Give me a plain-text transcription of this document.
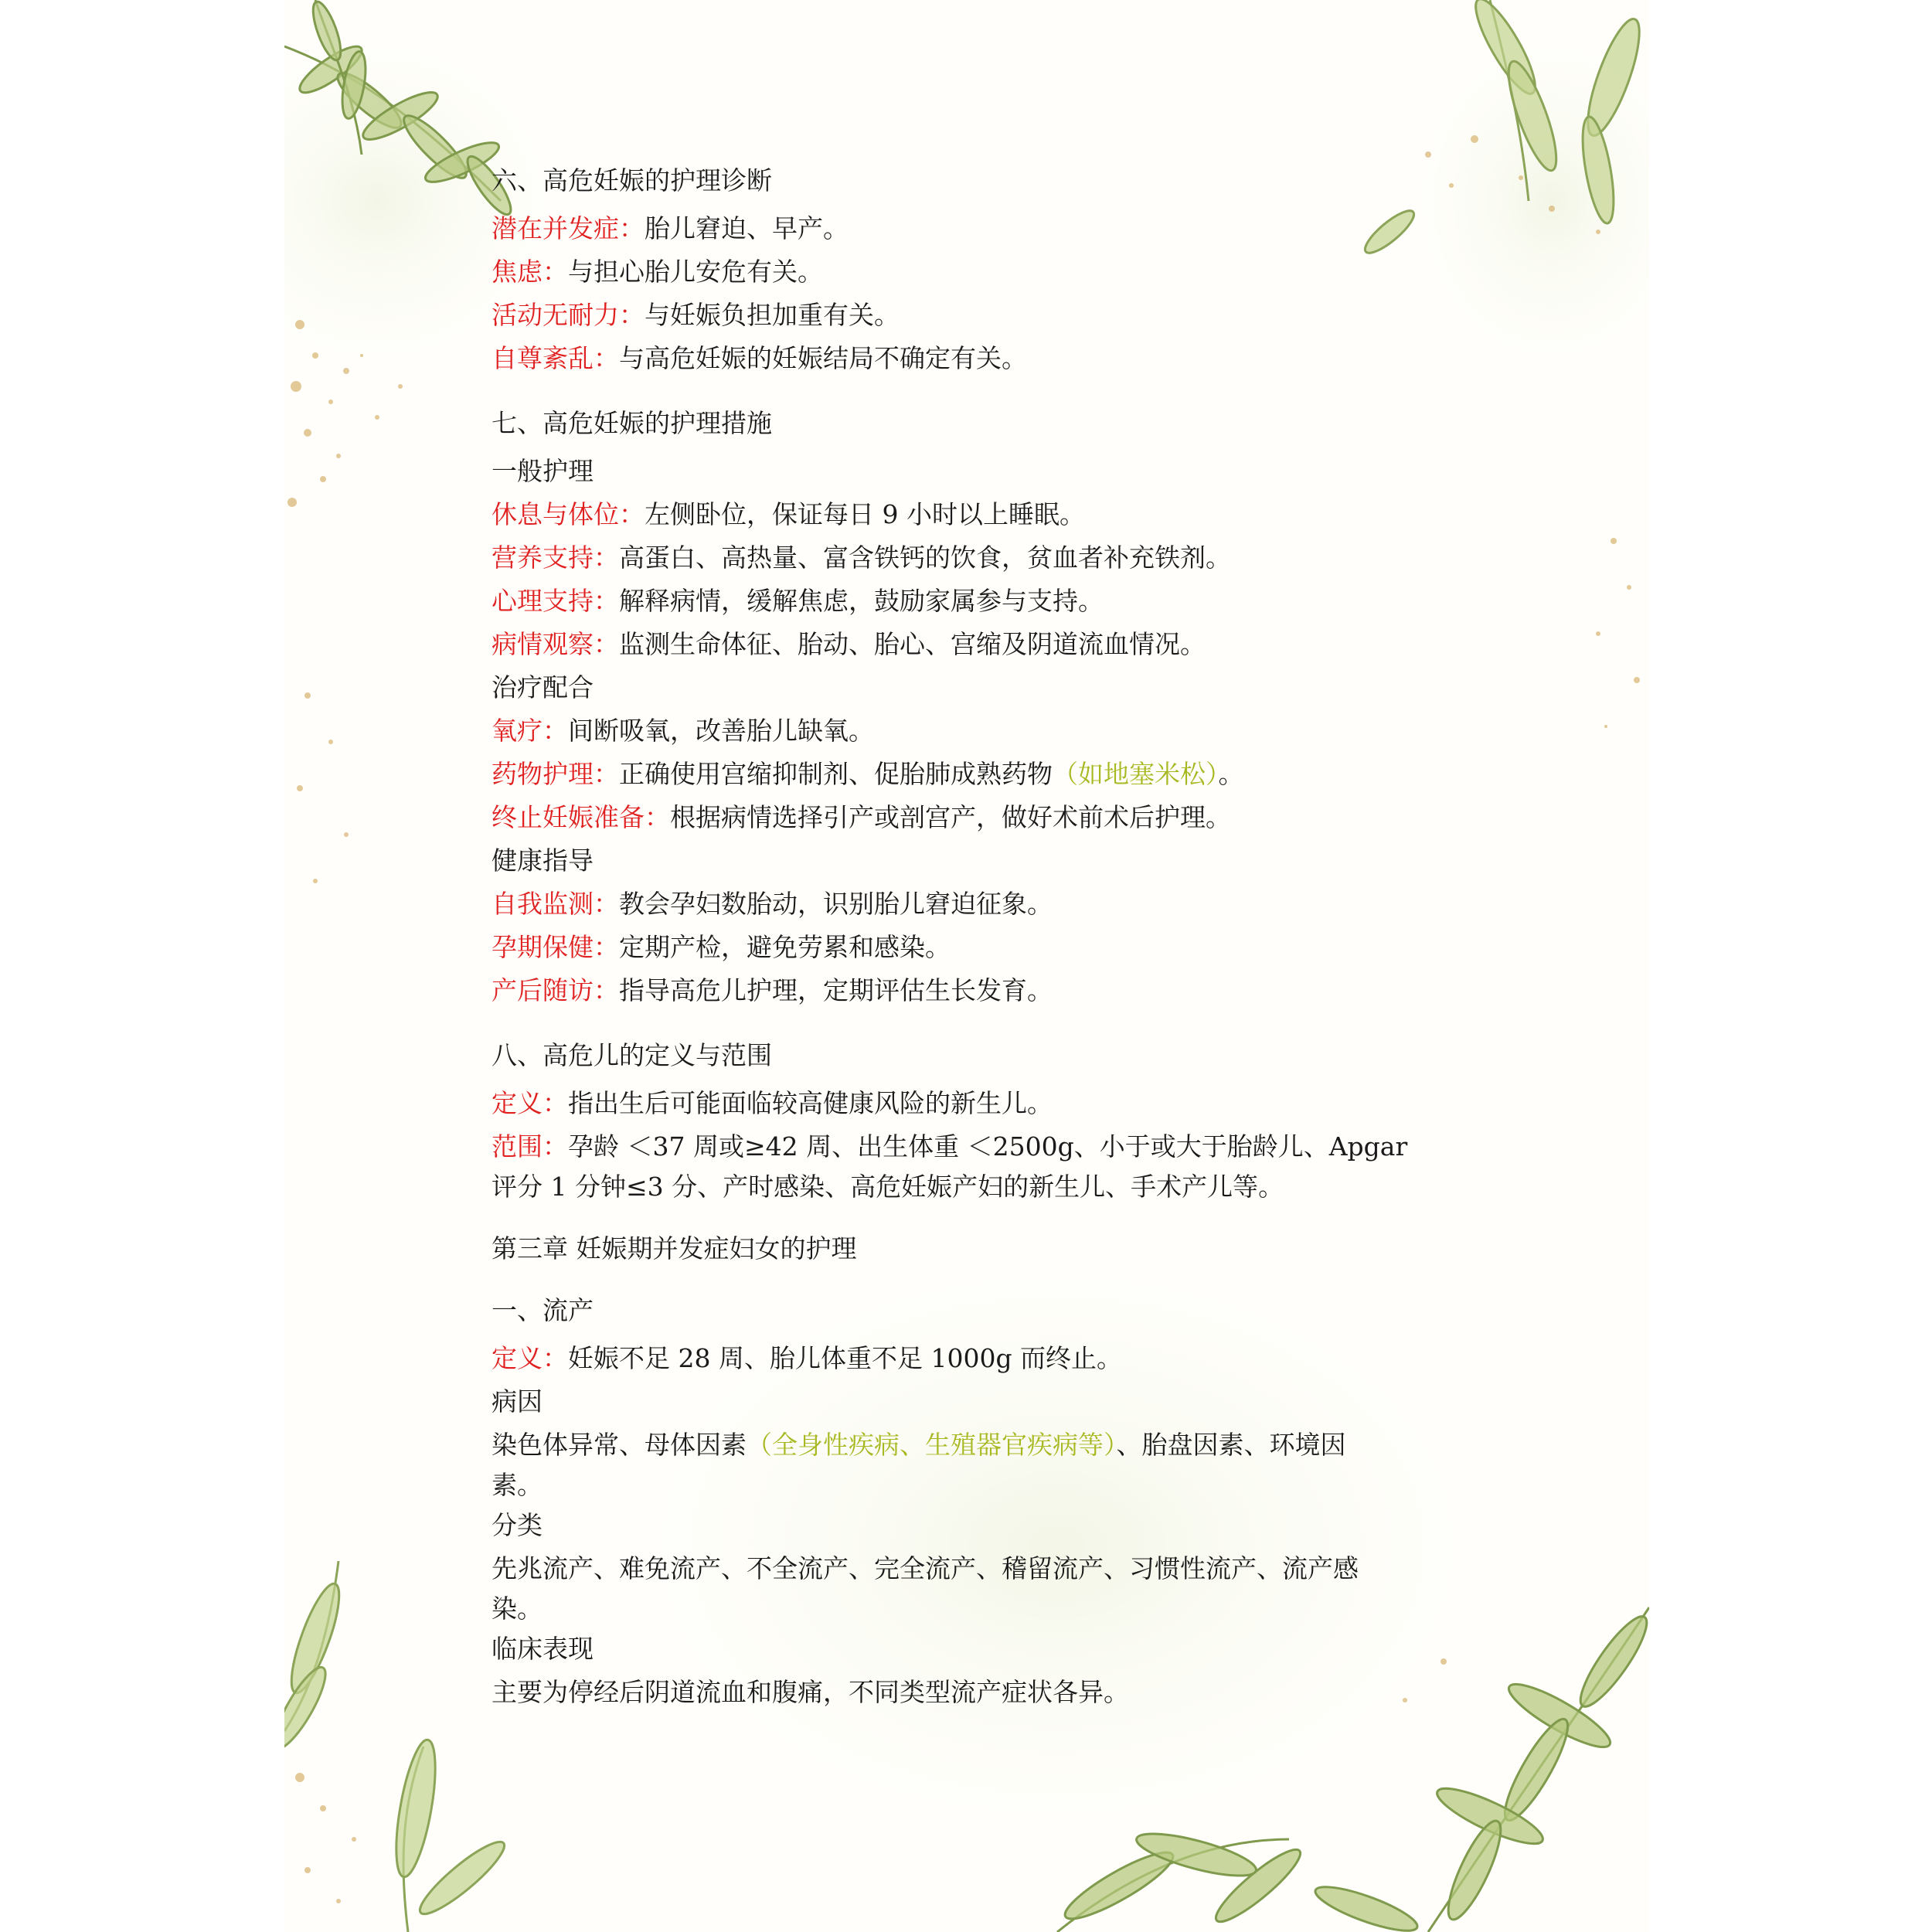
六、高危妊娠的护理诊断

潜在并发症：胎儿窘迫、早产。

焦虑：与担心胎儿安危有关。

活动无耐力：与妊娠负担加重有关。

自尊紊乱：与高危妊娠的妊娠结局不确定有关。

七、高危妊娠的护理措施

一般护理

休息与体位：左侧卧位，保证每日 9 小时以上睡眠。

营养支持：高蛋白、高热量、富含铁钙的饮食，贫血者补充铁剂。

心理支持：解释病情，缓解焦虑，鼓励家属参与支持。

病情观察：监测生命体征、胎动、胎心、宫缩及阴道流血情况。

治疗配合

氧疗：间断吸氧，改善胎儿缺氧。

药物护理：正确使用宫缩抑制剂、促胎肺成熟药物（如地塞米松）。

终止妊娠准备：根据病情选择引产或剖宫产，做好术前术后护理。

健康指导

自我监测：教会孕妇数胎动，识别胎儿窘迫征象。

孕期保健：定期产检，避免劳累和感染。

产后随访：指导高危儿护理，定期评估生长发育。

八、高危儿的定义与范围

定义：指出生后可能面临较高健康风险的新生儿。

范围：孕龄 ＜37 周或≥42 周、出生体重 ＜2500g、小于或大于胎龄儿、Apgar

评分 1 分钟≤3 分、产时感染、高危妊娠产妇的新生儿、手术产儿等。

第三章 妊娠期并发症妇女的护理

一、流产

定义：妊娠不足 28 周、胎儿体重不足 1000g 而终止。

病因

染色体异常、母体因素（全身性疾病、生殖器官疾病等）、胎盘因素、环境因

素。

分类

先兆流产、难免流产、不全流产、完全流产、稽留流产、习惯性流产、流产感

染。

临床表现

主要为停经后阴道流血和腹痛，不同类型流产症状各异。
